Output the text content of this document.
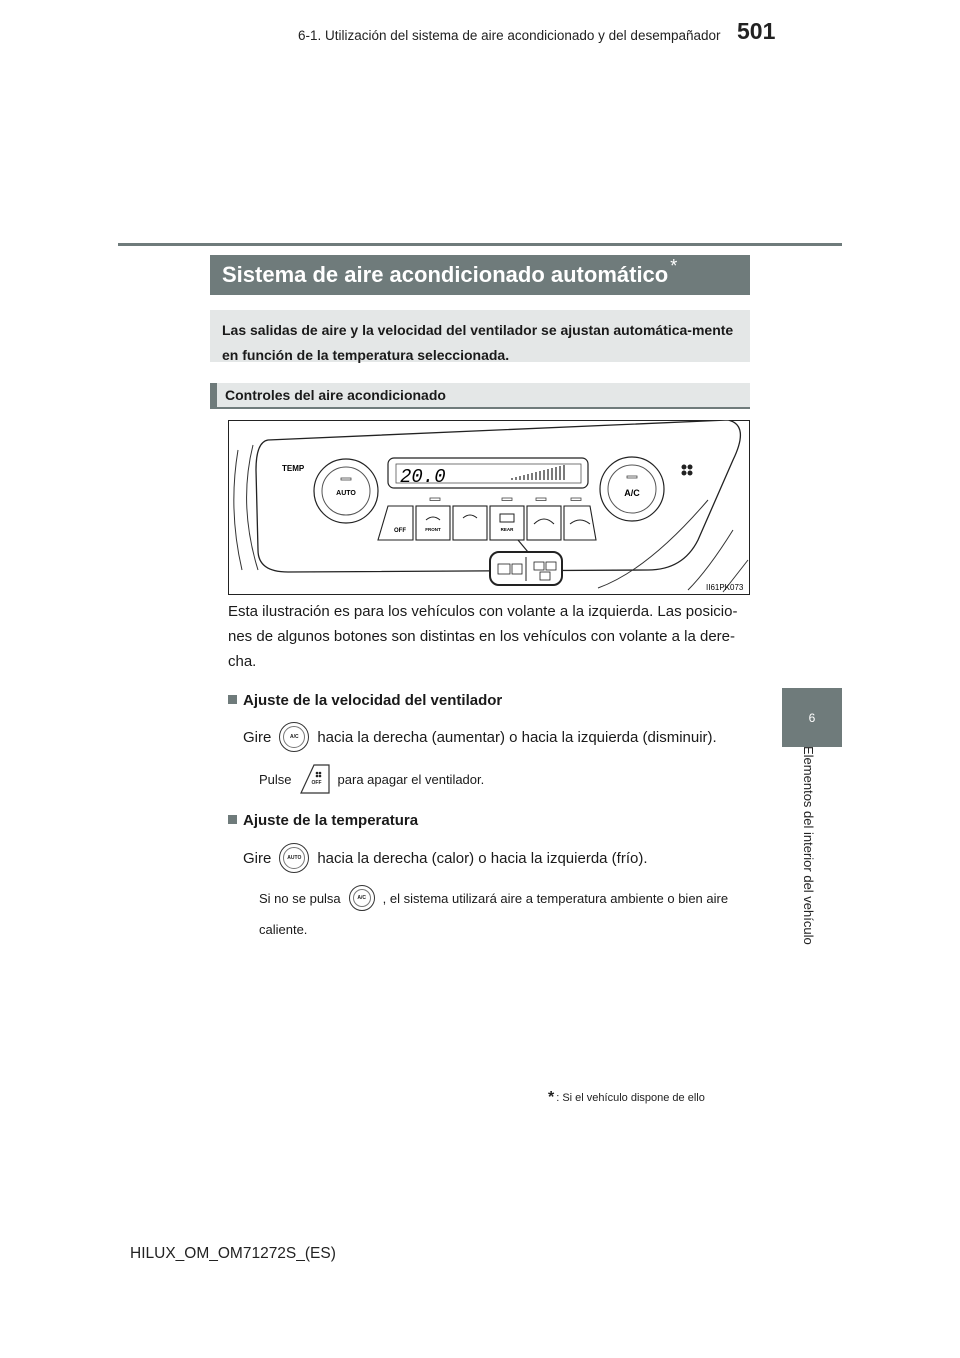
6-1. Utilización del sistema de aire acondicionado y del desempañador 501
6
Elementos del interior del vehículo
Sistema de aire acondicionado automático *
Las salidas de aire y la velocidad del ventilador se ajustan automática-mente en función de la temperatura seleccionada.
Controles del aire acondicionado
TEMP
AUTO
20.0
A/C
OFF	FRONT	REAR
II61PK073
Esta ilustración es para los vehículos con volante a la izquierda. Las posicio-nes de algunos botones son distintas en los vehículos con volante a la dere-cha.
Ajuste de la velocidad del ventilador
Gire	A/C hacia la derecha (aumentar) o hacia la izquierda (disminuir).
Pulse	OFF para apagar el ventilador.
Ajuste de la temperatura
Gire	AUTO hacia la derecha (calor) o hacia la izquierda (frío).
Si no se pulsa	A/C , el sistema utilizará aire a temperatura ambiente o bien aire
caliente.
* : Si el vehículo dispone de ello
HILUX_OM_OM71272S_(ES)
